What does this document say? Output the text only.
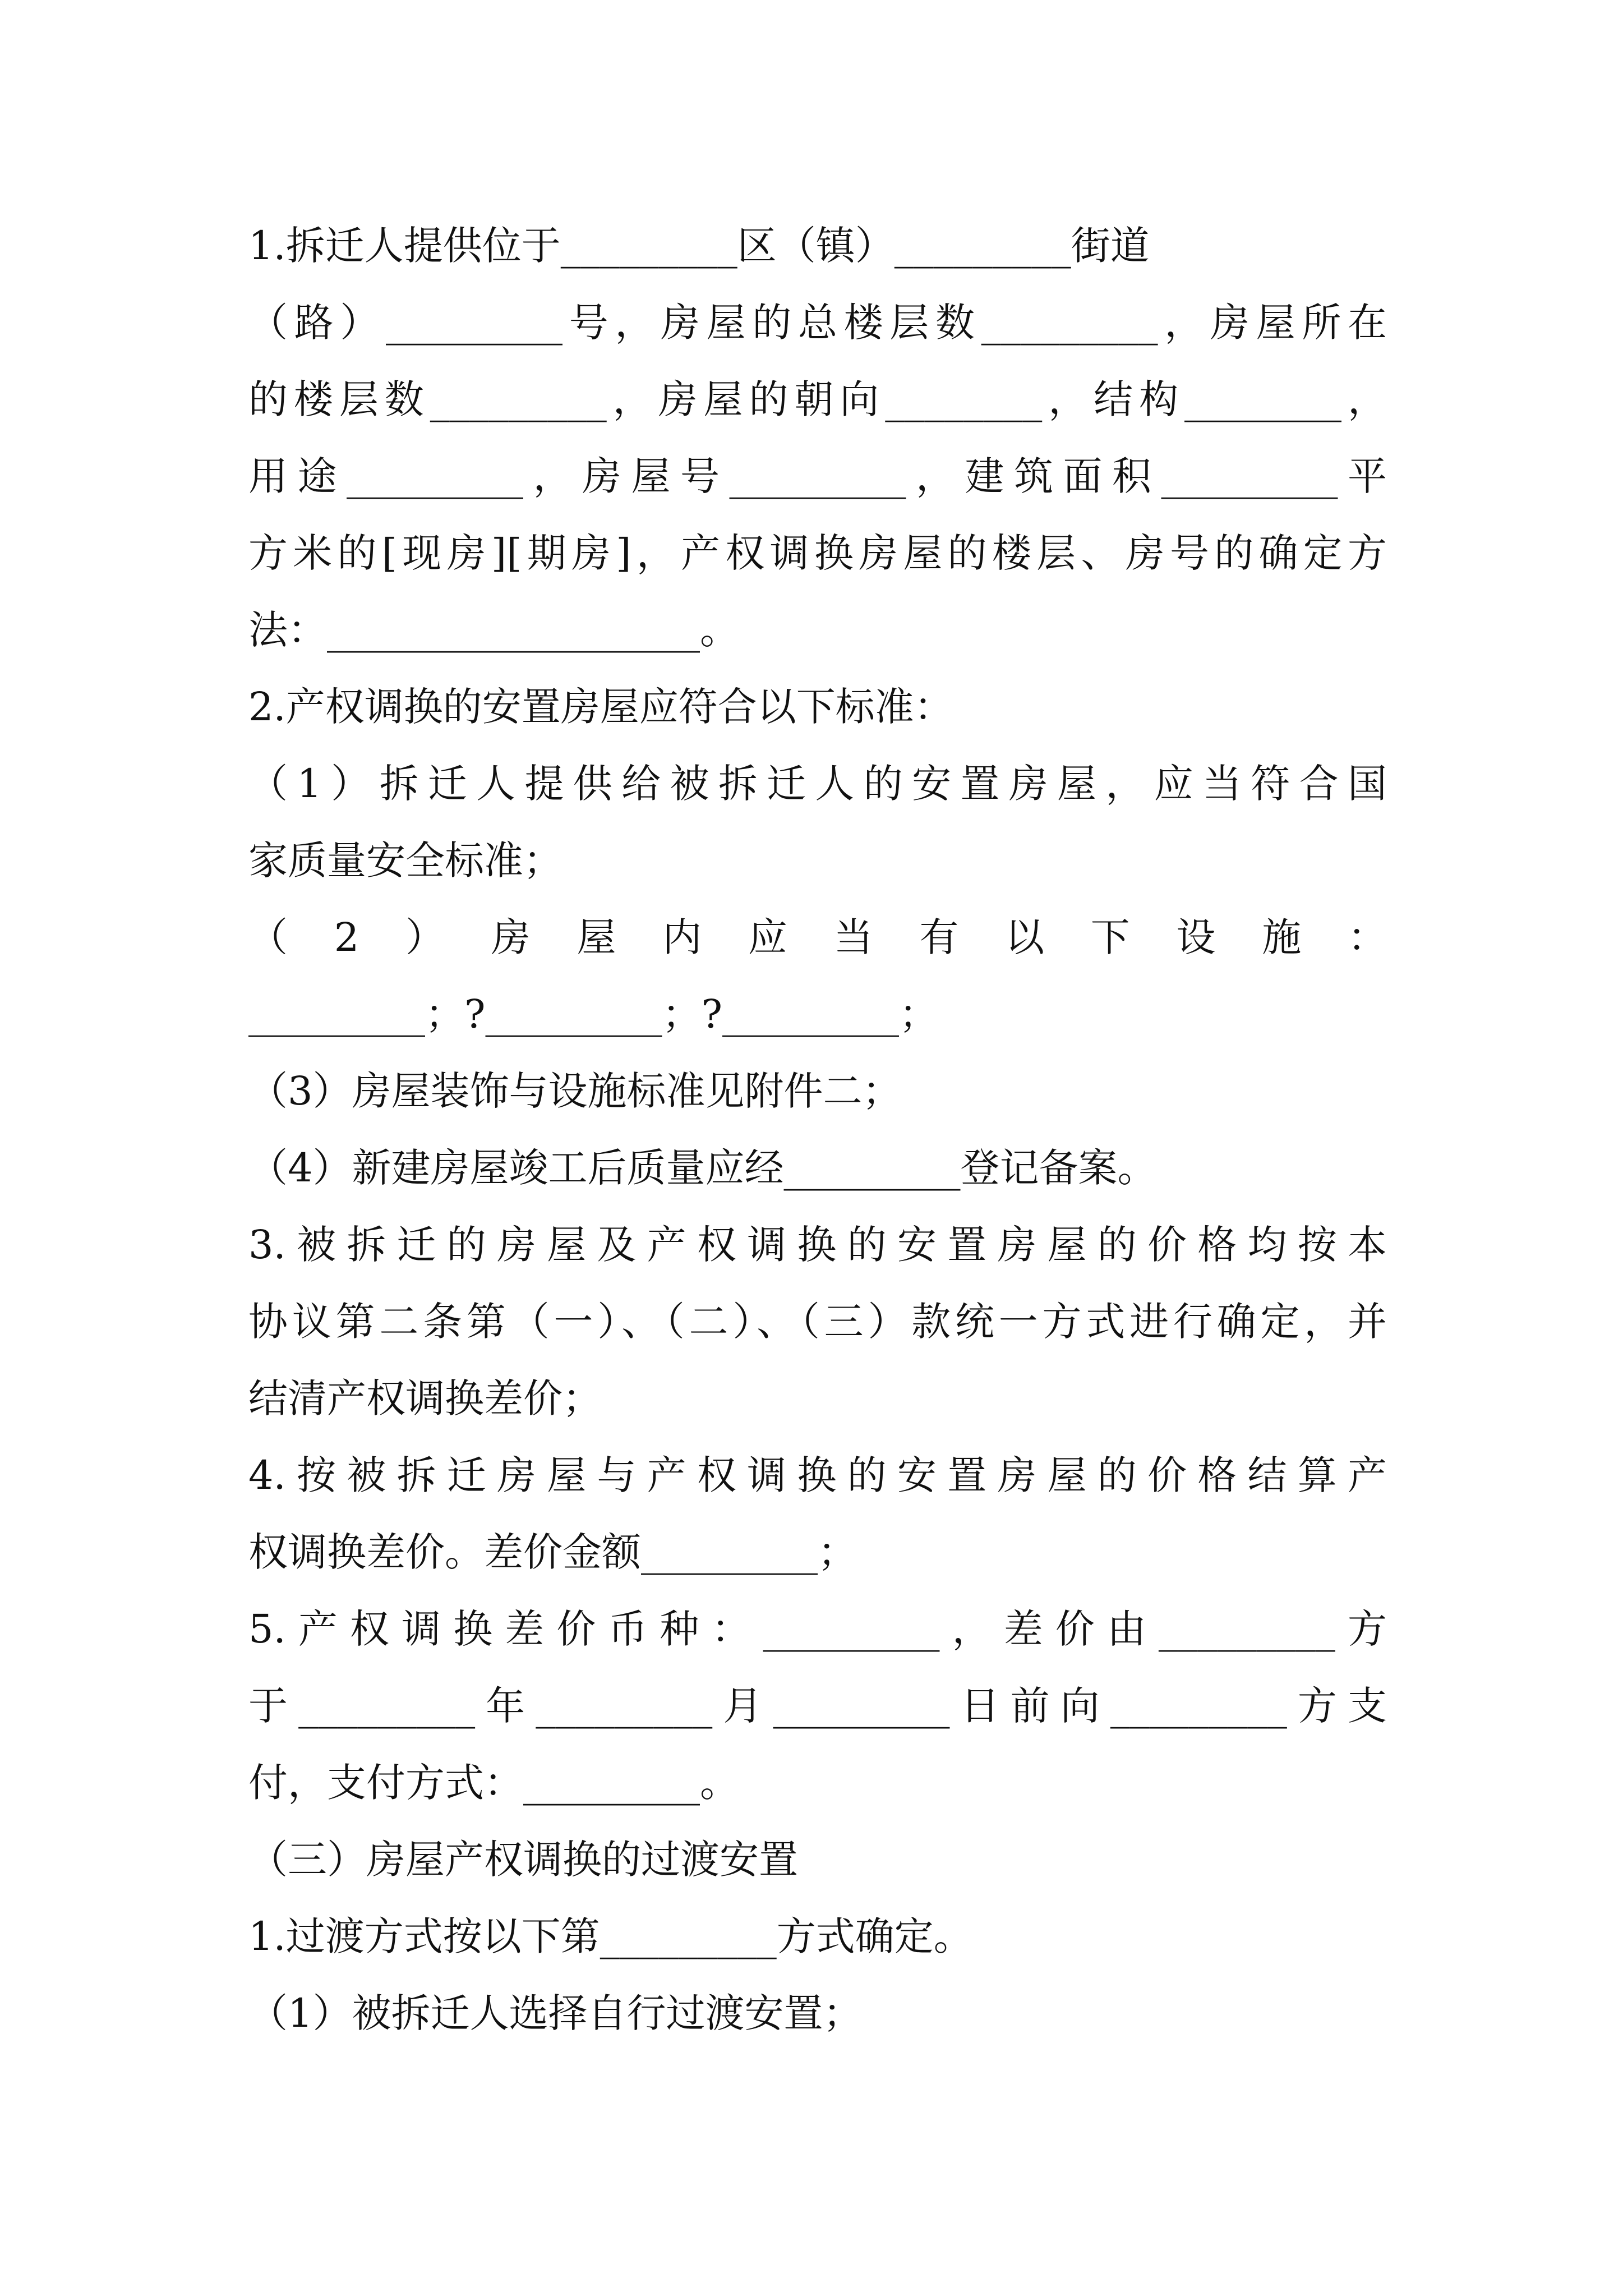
1.拆迁人提供位于_________区（镇）_________街道
（路）_________号，房屋的总楼层数_________，房屋所在
的楼层数_________，房屋的朝向________，结构________，
用途_________，房屋号_________，建筑面积_________平
方米的[现房][期房]，产权调换房屋的楼层、房号的确定方
法：___________________。
2.产权调换的安置房屋应符合以下标准：
（1）拆迁人提供给被拆迁人的安置房屋，应当符合国
家质量安全标准；
（2）房屋内应当有以下设施：
_________；?_________；?_________；
（3）房屋装饰与设施标准见附件二；
（4）新建房屋竣工后质量应经_________登记备案。
3.被拆迁的房屋及产权调换的安置房屋的价格均按本
协议第二条第（一）、（二）、（三）款统一方式进行确定，并
结清产权调换差价；
4.按被拆迁房屋与产权调换的安置房屋的价格结算产
权调换差价。差价金额_________；
5.产权调换差价币种：_________，差价由_________方
于_________年_________月_________日前向_________方支
付，支付方式：_________。
（三）房屋产权调换的过渡安置
1.过渡方式按以下第_________方式确定。
（1）被拆迁人选择自行过渡安置；
